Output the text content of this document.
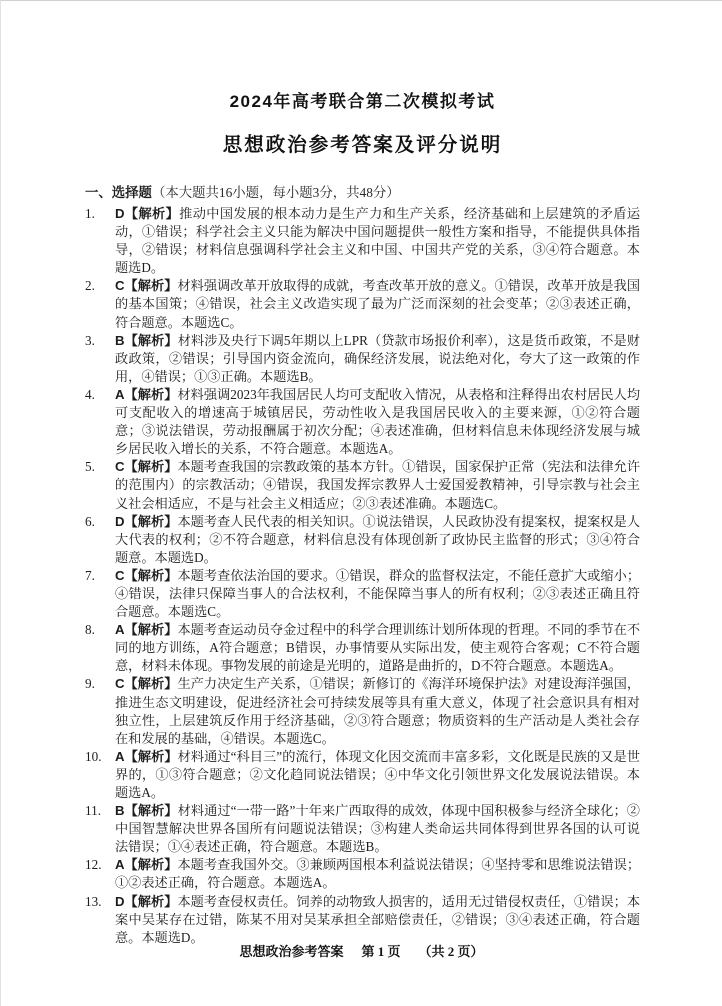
2024年高考联合第二次模拟考试
思想政治参考答案及评分说明
一、选择题（本大题共16小题，每小题3分，共48分）
1. D【解析】推动中国发展的根本动力是生产力和生产关系，经济基础和上层建筑的矛盾运动，①错误；科学社会主义只能为解决中国问题提供一般性方案和指导，不能提供具体指导，②错误；材料信息强调科学社会主义和中国、中国共产党的关系，③④符合题意。本题选D。
2. C【解析】材料强调改革开放取得的成就，考查改革开放的意义。①错误，改革开放是我国的基本国策；④错误，社会主义改造实现了最为广泛而深刻的社会变革；②③表述正确，符合题意。本题选C。
3. B【解析】材料涉及央行下调5年期以上LPR（贷款市场报价利率），这是货币政策，不是财政政策，②错误；引导国内资金流向，确保经济发展，说法绝对化，夸大了这一政策的作用，④错误；①③正确。本题选B。
4. A【解析】材料强调2023年我国居民人均可支配收入情况，从表格和注释得出农村居民人均可支配收入的增速高于城镇居民，劳动性收入是我国居民收入的主要来源，①②符合题意；③说法错误，劳动报酬属于初次分配；④表述准确，但材料信息未体现经济发展与城乡居民收入增长的关系，不符合题意。本题选A。
5. C【解析】本题考查我国的宗教政策的基本方针。①错误，国家保护正常（宪法和法律允许的范围内）的宗教活动；④错误，我国发挥宗教界人士爱国爱教精神，引导宗教与社会主义社会相适应，不是与社会主义相适应；②③表述准确。本题选C。
6. D【解析】本题考查人民代表的相关知识。①说法错误，人民政协没有提案权，提案权是人大代表的权利；②不符合题意，材料信息没有体现创新了政协民主监督的形式；③④符合题意。本题选D。
7. C【解析】本题考查依法治国的要求。①错误，群众的监督权法定，不能任意扩大或缩小；④错误，法律只保障当事人的合法权利，不能保障当事人的所有权利；②③表述正确且符合题意。本题选C。
8. A【解析】本题考查运动员夺金过程中的科学合理训练计划所体现的哲理。不同的季节在不同的地方训练，A符合题意；B错误，办事情要从实际出发，使主观符合客观；C不符合题意，材料未体现。事物发展的前途是光明的，道路是曲折的，D不符合题意。本题选A。
9. C【解析】生产力决定生产关系，①错误；新修订的《海洋环境保护法》对建设海洋强国，推进生态文明建设，促进经济社会可持续发展等具有重大意义，体现了社会意识具有相对独立性，上层建筑反作用于经济基础，②③符合题意；物质资料的生产活动是人类社会存在和发展的基础，④错误。本题选C。
10. A【解析】材料通过“科目三”的流行，体现文化因交流而丰富多彩，文化既是民族的又是世界的，①③符合题意；②文化趋同说法错误；④中华文化引领世界文化发展说法错误。本题选A。
11. B【解析】材料通过“一带一路”十年来广西取得的成效，体现中国积极参与经济全球化；②中国智慧解决世界各国所有问题说法错误；③构建人类命运共同体得到世界各国的认可说法错误；①④表述正确，符合题意。本题选B。
12. A【解析】本题考查我国外交。③兼顾两国根本利益说法错误；④坚持零和思维说法错误；①②表述正确，符合题意。本题选A。
13. D【解析】本题考查侵权责任。饲养的动物致人损害的，适用无过错侵权责任，①错误；本案中吴某存在过错，陈某不用对吴某承担全部赔偿责任，②错误；③④表述正确，符合题意。本题选D。
思想政治参考答案 第 1 页 （共 2 页）
